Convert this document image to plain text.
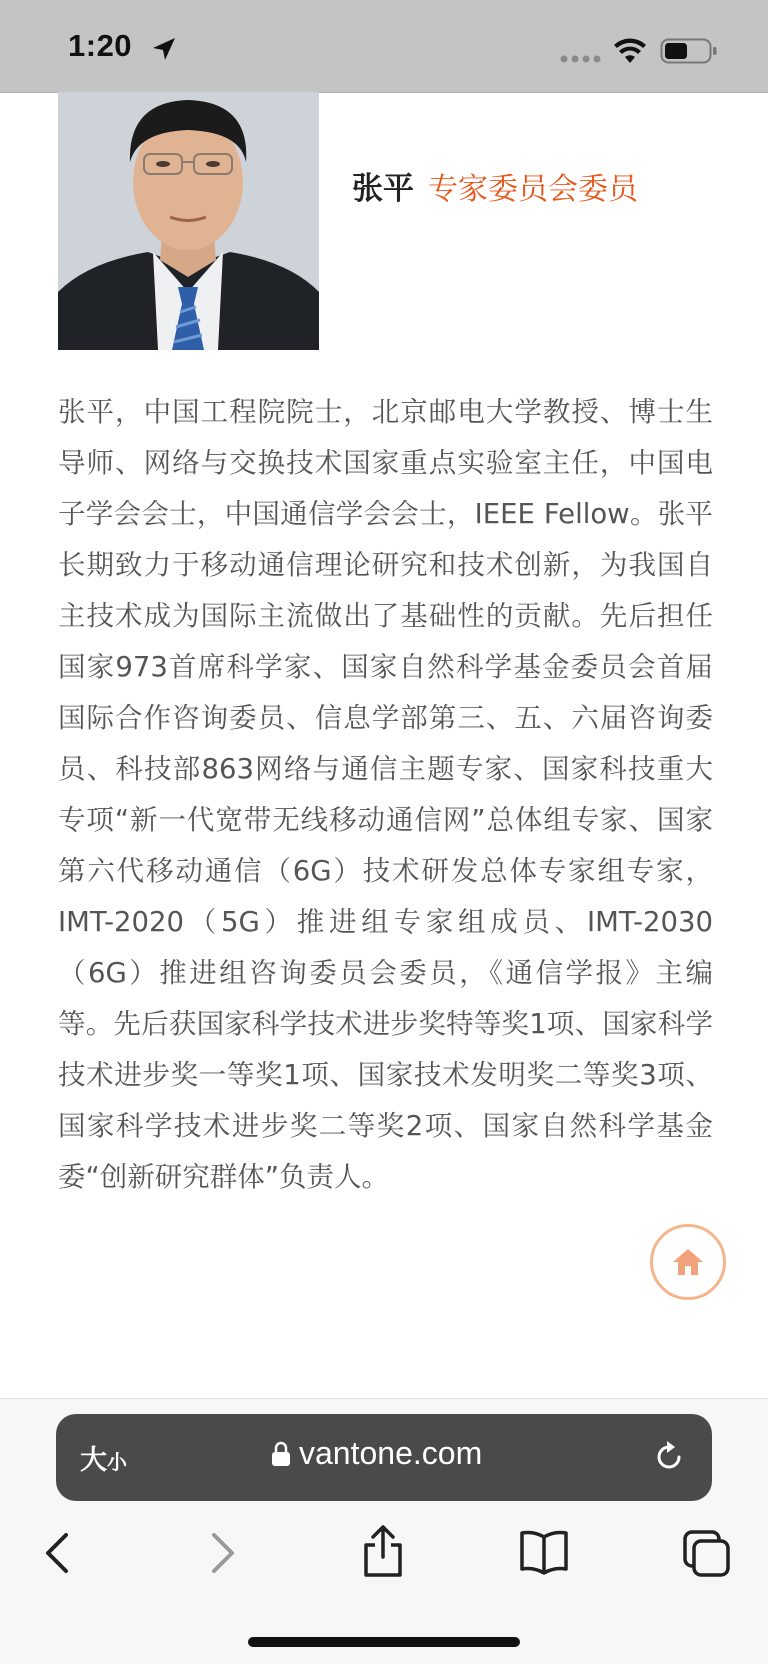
1:20
张平 专家委员会委员
张平，中国工程院院士，北京邮电大学教授、博士生导师、网络与交换技术国家重点实验室主任，中国电子学会会士，中国通信学会会士，IEEE Fellow。张平长期致力于移动通信理论研究和技术创新，为我国自主技术成为国际主流做出了基础性的贡献。先后担任国家973首席科学家、国家自然科学基金委员会首届国际合作咨询委员、信息学部第三、五、六届咨询委员、科技部863网络与通信主题专家、国家科技重大专项“新一代宽带无线移动通信网”总体组专家、国家第六代移动通信（6G）技术研发总体专家组专家，IMT-2020（5G）推进组专家组成员、IMT-2030（6G）推进组咨询委员会委员，《通信学报》主编等。先后获国家科学技术进步奖特等奖1项、国家科学技术进步奖一等奖1项、国家技术发明奖二等奖3项、国家科学技术进步奖二等奖2项、国家自然科学基金委“创新研究群体”负责人。
大小	vantone.com
